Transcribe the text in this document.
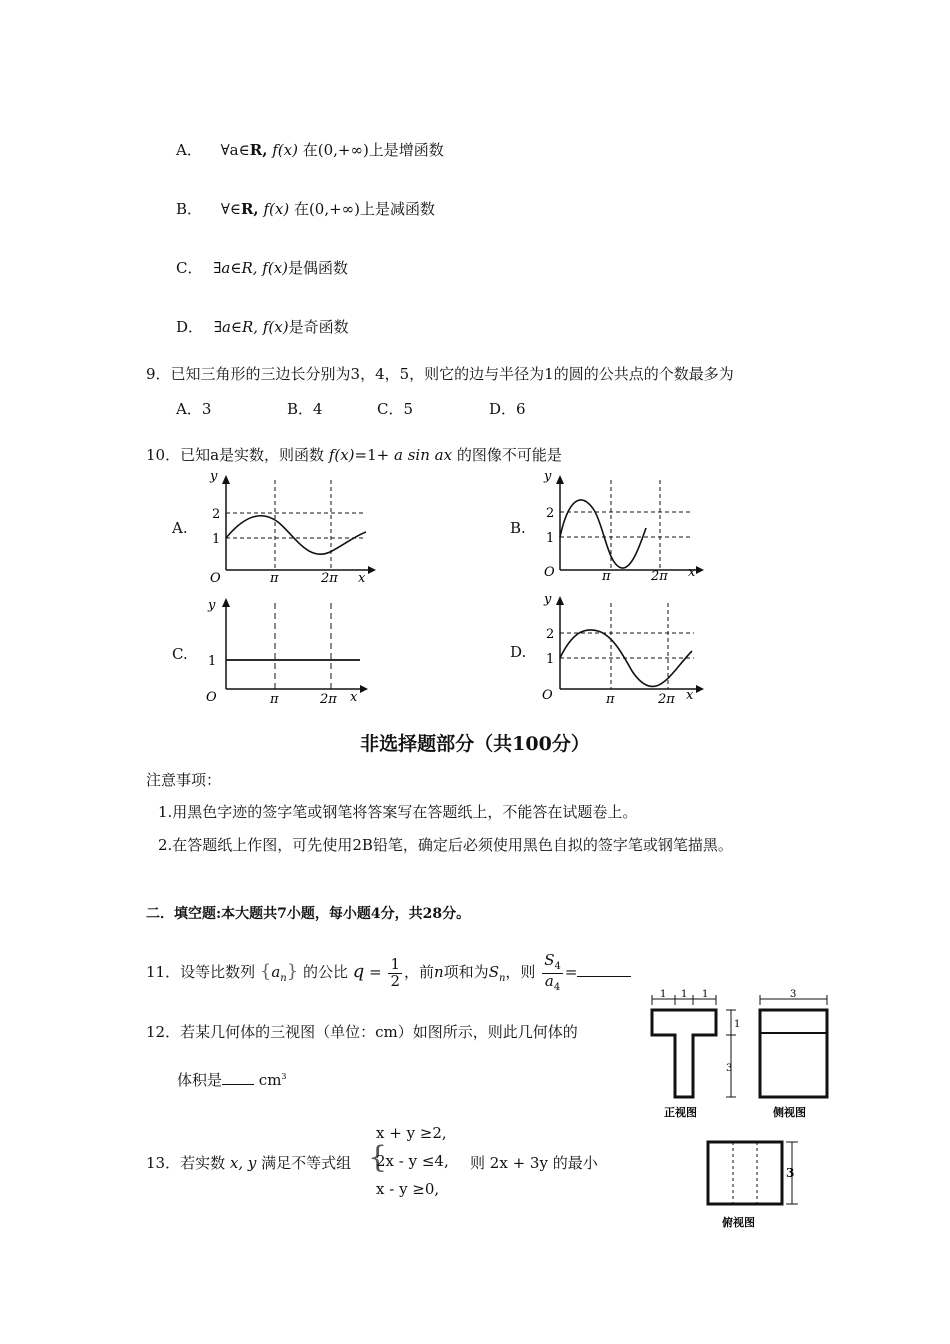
A． ∀a∈R, f(x) 在(0,+∞)上是增函数
B． ∀∈R, f(x) 在(0,+∞)上是减函数
C． ∃a∈R, f(x)是偶函数
D． ∃a∈R, f(x)是奇函数
9．已知三角形的三边长分别为3，4，5，则它的边与半径为1的圆的公共点的个数最多为
A．3	B．4	C．5	D．6
10．已知a是实数，则函数 f(x)=1+ a sin ax 的图像不可能是
A.
y
x
O
2
1
π	2π
B.
y
x
O
2
1
π	2π
C.
y
x
O
1
π	2π
D.
y
x
O
2
1
π	2π
非选择题部分（共100分）
注意事项：
1.用黑色字迹的签字笔或钢笔将答案写在答题纸上，不能答在试题卷上。
2.在答题纸上作图，可先使用2B铅笔，确定后必须使用黑色自拟的签字笔或钢笔描黑。
二．填空题:本大题共7小题，每小题4分，共28分。
11．设等比数列 $\{a_n\}$ 的公比 $q = \frac{1}{2}$ ，前n项和为$S_n$，则 $\frac{S_4}{a_4}$ =
12．若某几何体的三视图（单位：cm）如图所示，则此几何体的
体积是 $cm^3$
1 1 1
1
3
正视图
3
侧视图
3
俯视图
13．若实数 x, y 满足不等式组 {
x + y ≥2,
2x - y ≤4,
x - y ≥0,
则 2x + 3y 的最小
